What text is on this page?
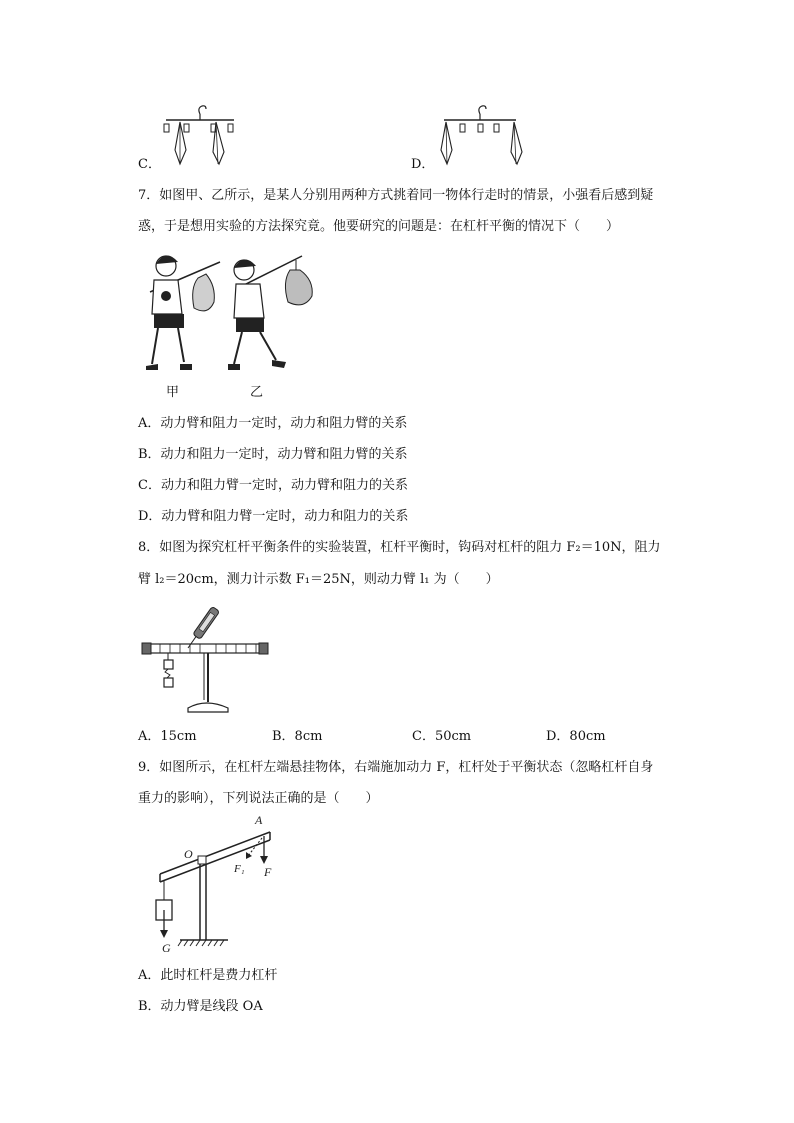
C．	D．
7．如图甲、乙所示，是某人分别用两种方式挑着同一物体行走时的情景，小强看后感到疑
惑，于是想用实验的方法探究竟。他要研究的问题是：在杠杆平衡的情况下（　　）
甲	乙
A．动力臂和阻力一定时，动力和阻力臂的关系
B．动力和阻力一定时，动力臂和阻力臂的关系
C．动力和阻力臂一定时，动力臂和阻力的关系
D．动力臂和阻力臂一定时，动力和阻力的关系
8．如图为探究杠杆平衡条件的实验装置，杠杆平衡时，钩码对杠杆的阻力 F₂＝10N，阻力
臂 l₂＝20cm，测力计示数 F₁＝25N，则动力臂 l₁ 为（　　）
A．15cm	B．8cm	C．50cm	D．80cm
9．如图所示，在杠杆左端悬挂物体，右端施加动力 F，杠杆处于平衡状态（忽略杠杆自身
重力的影响），下列说法正确的是（　　）
A
O
F₁ F
G
A．此时杠杆是费力杠杆
B．动力臂是线段 OA
